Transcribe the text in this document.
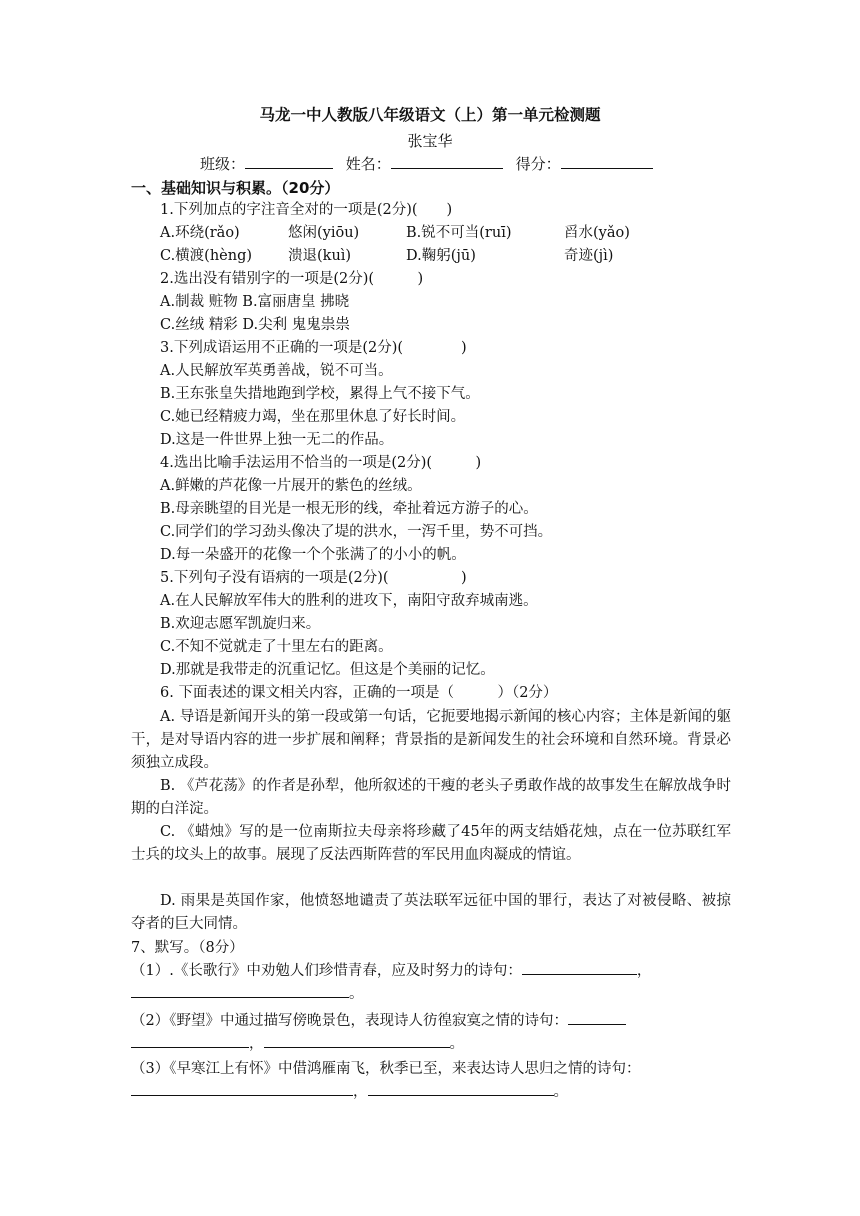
马龙一中人教版八年级语文（上）第一单元检测题
张宝华
班级：	姓名：	得分：
一、基础知识与积累。（20分）
1.下列加点的字注音全对的一项是(2分)(　　)
A.环绕(rǎo)	悠闲(yiōu)	B.锐不可当(ruī)	舀水(yǎo)
C.横渡(hèng) 溃退(kuì)	D.鞠躬(jū)	奇迹(jì)
2.选出没有错别字的一项是(2分)(　　　)
A.制裁 赃物 B.富丽唐皇 拂晓
C.丝绒 精彩 D.尖利 鬼鬼祟祟
3.下列成语运用不正确的一项是(2分)(　　　　)
A.人民解放军英勇善战，锐不可当。
B.王东张皇失措地跑到学校，累得上气不接下气。
C.她已经精疲力竭，坐在那里休息了好长时间。
D.这是一件世界上独一无二的作品。
4.选出比喻手法运用不恰当的一项是(2分)(　　　)
A.鲜嫩的芦花像一片展开的紫色的丝绒。
B.母亲眺望的目光是一根无形的线，牵扯着远方游子的心。
C.同学们的学习劲头像决了堤的洪水，一泻千里，势不可挡。
D.每一朵盛开的花像一个个张满了的小小的帆。
5.下列句子没有语病的一项是(2分)(　　　　　)
A.在人民解放军伟大的胜利的进攻下，南阳守敌弃城南逃。
B.欢迎志愿军凯旋归来。
C.不知不觉就走了十里左右的距离。
D.那就是我带走的沉重记忆。但这是个美丽的记忆。
6. 下面表述的课文相关内容，正确的一项是（　　　）（2分）
A. 导语是新闻开头的第一段或第一句话，它扼要地揭示新闻的核心内容；主体是新闻的躯干，是对导语内容的进一步扩展和阐释；背景指的是新闻发生的社会环境和自然环境。背景必须独立成段。
B. 《芦花荡》的作者是孙犁，他所叙述的干瘦的老头子勇敢作战的故事发生在解放战争时期的白洋淀。
C. 《蜡烛》写的是一位南斯拉夫母亲将珍藏了45年的两支结婚花烛，点在一位苏联红军士兵的坟头上的故事。展现了反法西斯阵营的军民用血肉凝成的情谊。
D. 雨果是英国作家，他愤怒地谴责了英法联军远征中国的罪行，表达了对被侵略、被掠夺者的巨大同情。
7、默写。（8分）
（1）.《长歌行》中劝勉人们珍惜青春，应及时努力的诗句：	，
。
（2）《野望》中通过描写傍晚景色，表现诗人彷徨寂寞之情的诗句：
，	。
（3）《早寒江上有怀》中借鸿雁南飞，秋季已至，来表达诗人思归之情的诗句：
，	。
